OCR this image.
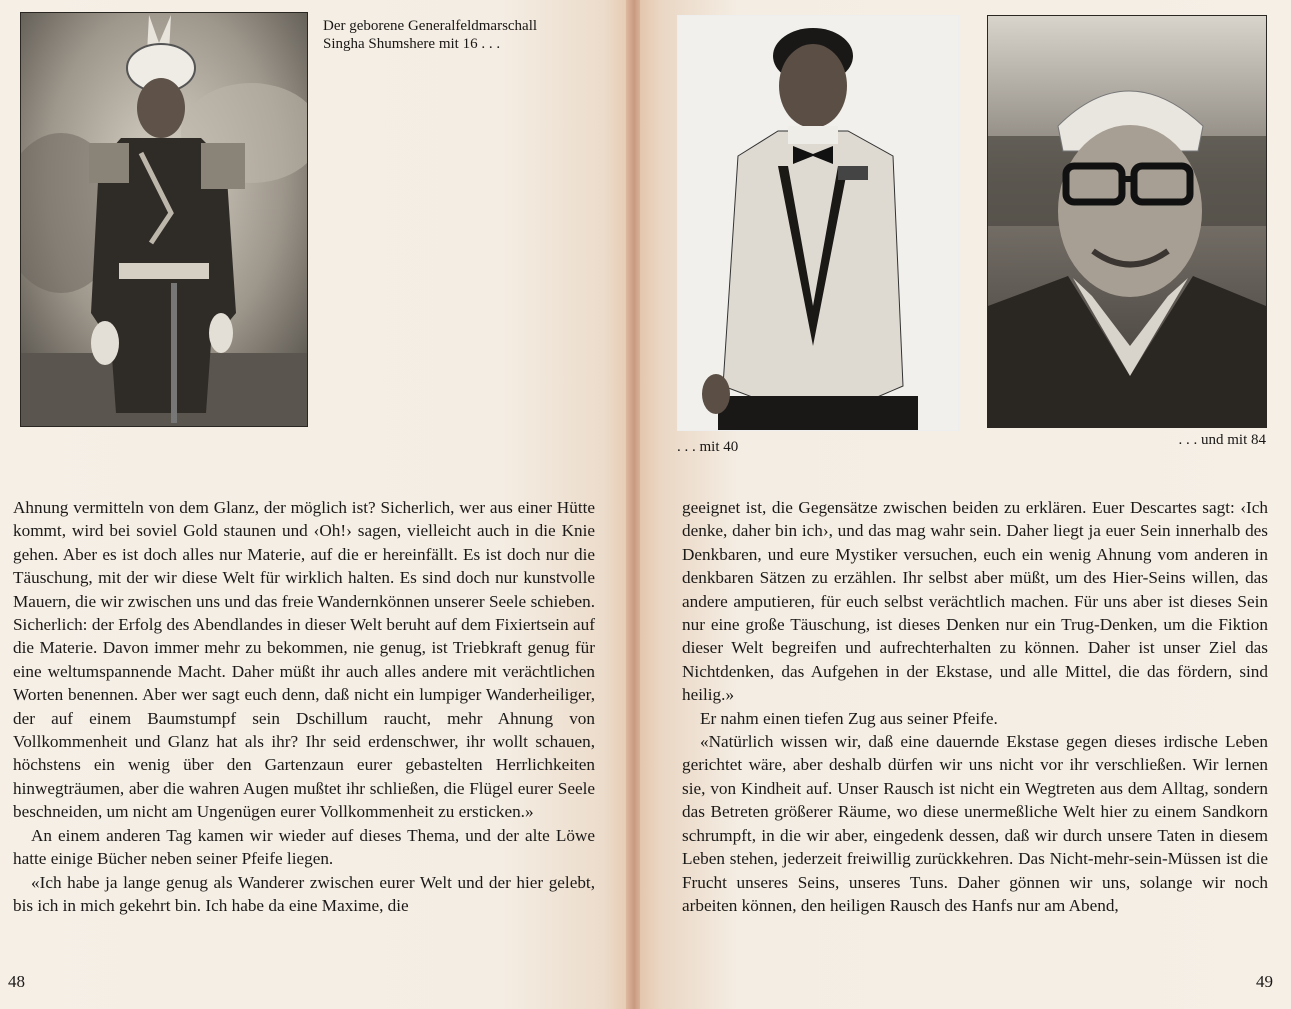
Der geborene Generalfeldmarschall
Singha Shumshere mit 16 . . .

Ahnung vermitteln von dem Glanz, der möglich ist? Sicherlich, wer aus einer Hütte kommt, wird bei soviel Gold staunen und ‹Oh!› sagen, vielleicht auch in die Knie gehen. Aber es ist doch alles nur Materie, auf die er hereinfällt. Es ist doch nur die Täuschung, mit der wir diese Welt für wirklich halten. Es sind doch nur kunstvolle Mauern, die wir zwischen uns und das freie Wandernkönnen unserer Seele schieben. Sicherlich: der Erfolg des Abendlandes in dieser Welt beruht auf dem Fixiertsein auf die Materie. Davon immer mehr zu bekommen, nie genug, ist Triebkraft genug für eine weltumspannende Macht. Daher müßt ihr auch alles andere mit verächtlichen Worten benennen. Aber wer sagt euch denn, daß nicht ein lumpiger Wanderheiliger, der auf einem Baumstumpf sein Dschillum raucht, mehr Ahnung von Vollkommenheit und Glanz hat als ihr? Ihr seid erdenschwer, ihr wollt schauen, höchstens ein wenig über den Gartenzaun eurer gebastelten Herrlichkeiten hinwegträumen, aber die wahren Augen mußtet ihr schließen, die Flügel eurer Seele beschneiden, um nicht am Ungenügen eurer Vollkommenheit zu ersticken.»

An einem anderen Tag kamen wir wieder auf dieses Thema, und der alte Löwe hatte einige Bücher neben seiner Pfeife liegen.

«Ich habe ja lange genug als Wanderer zwischen eurer Welt und der hier gelebt, bis ich in mich gekehrt bin. Ich habe da eine Maxime, die

48
. . . mit 40	. . . und mit 84

geeignet ist, die Gegensätze zwischen beiden zu erklären. Euer Descartes sagt: ‹Ich denke, daher bin ich›, und das mag wahr sein. Daher liegt ja euer Sein innerhalb des Denkbaren, und eure Mystiker versuchen, euch ein wenig Ahnung vom anderen in denkbaren Sätzen zu erzählen. Ihr selbst aber müßt, um des Hier-Seins willen, das andere amputieren, für euch selbst verächtlich machen. Für uns aber ist dieses Sein nur eine große Täuschung, ist dieses Denken nur ein Trug-Denken, um die Fiktion dieser Welt begreifen und aufrechterhalten zu können. Daher ist unser Ziel das Nichtdenken, das Aufgehen in der Ekstase, und alle Mittel, die das fördern, sind heilig.»

Er nahm einen tiefen Zug aus seiner Pfeife.

«Natürlich wissen wir, daß eine dauernde Ekstase gegen dieses irdische Leben gerichtet wäre, aber deshalb dürfen wir uns nicht vor ihr verschließen. Wir lernen sie, von Kindheit auf. Unser Rausch ist nicht ein Wegtreten aus dem Alltag, sondern das Betreten größerer Räume, wo diese unermeßliche Welt hier zu einem Sandkorn schrumpft, in die wir aber, eingedenk dessen, daß wir durch unsere Taten in diesem Leben stehen, jederzeit freiwillig zurückkehren. Das Nicht-mehr-sein-Müssen ist die Frucht unseres Seins, unseres Tuns. Daher gönnen wir uns, solange wir noch arbeiten können, den heiligen Rausch des Hanfs nur am Abend,

49
